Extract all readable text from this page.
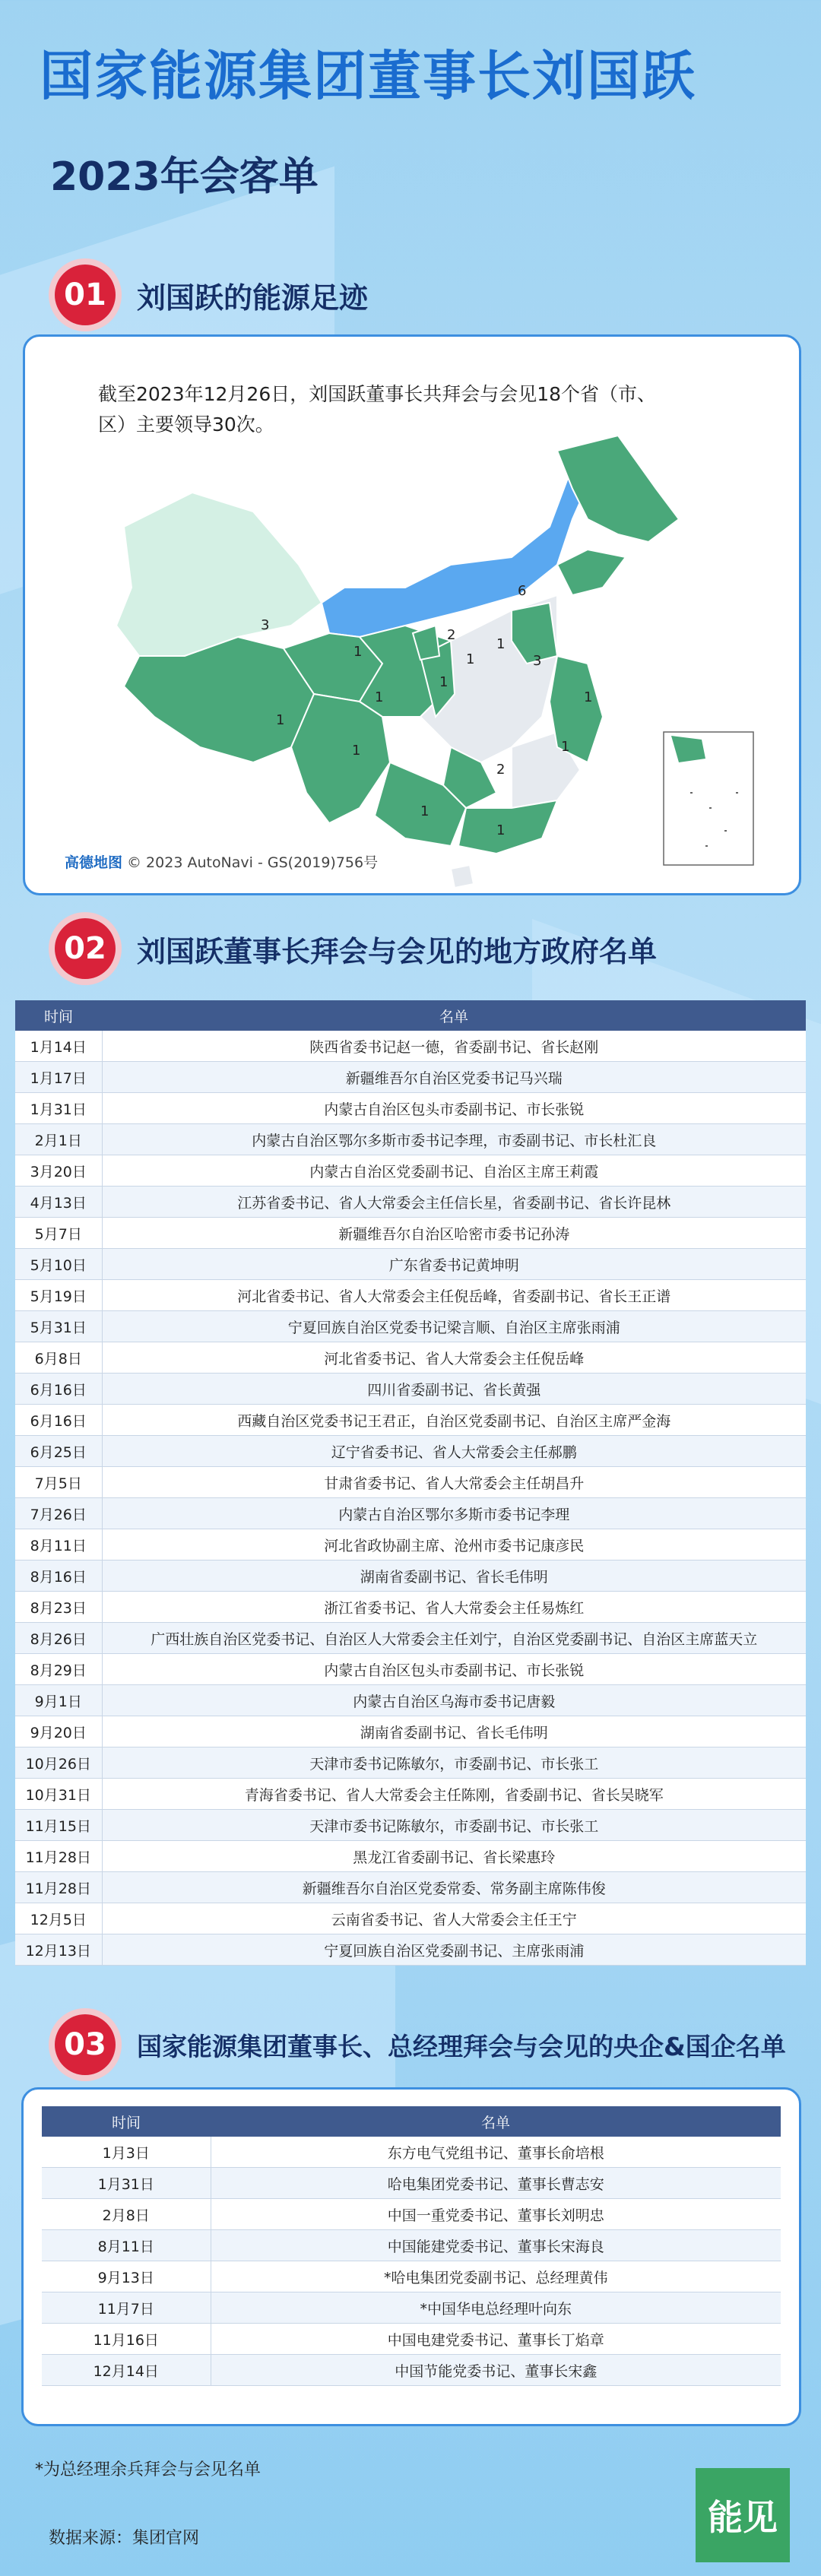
国家能源集团董事长刘国跃
2023年会客单
01	刘国跃的能源足迹
截至2023年12月26日，刘国跃董事长共拜会与会见18个省（市、区）主要领导30次。
3
6
1	1
2
3
1
1
1
1
1	1
2
1
1
1
高德地图 © 2023 AutoNavi - GS(2019)756号
02	刘国跃董事长拜会与会见的地方政府名单
时间	名单
1月14日	陕西省委书记赵一德，省委副书记、省长赵刚
1月17日	新疆维吾尔自治区党委书记马兴瑞
1月31日	内蒙古自治区包头市委副书记、市长张锐
2月1日	内蒙古自治区鄂尔多斯市委书记李理，市委副书记、市长杜汇良
3月20日	内蒙古自治区党委副书记、自治区主席王莉霞
4月13日	江苏省委书记、省人大常委会主任信长星，省委副书记、省长许昆林
5月7日	新疆维吾尔自治区哈密市委书记孙涛
5月10日	广东省委书记黄坤明
5月19日	河北省委书记、省人大常委会主任倪岳峰，省委副书记、省长王正谱
5月31日	宁夏回族自治区党委书记梁言顺、自治区主席张雨浦
6月8日	河北省委书记、省人大常委会主任倪岳峰
6月16日	四川省委副书记、省长黄强
6月16日	西藏自治区党委书记王君正，自治区党委副书记、自治区主席严金海
6月25日	辽宁省委书记、省人大常委会主任郝鹏
7月5日	甘肃省委书记、省人大常委会主任胡昌升
7月26日	内蒙古自治区鄂尔多斯市委书记李理
8月11日	河北省政协副主席、沧州市委书记康彦民
8月16日	湖南省委副书记、省长毛伟明
8月23日	浙江省委书记、省人大常委会主任易炼红
8月26日	广西壮族自治区党委书记、自治区人大常委会主任刘宁，自治区党委副书记、自治区主席蓝天立
8月29日	内蒙古自治区包头市委副书记、市长张锐
9月1日	内蒙古自治区乌海市委书记唐毅
9月20日	湖南省委副书记、省长毛伟明
10月26日	天津市委书记陈敏尔，市委副书记、市长张工
10月31日	青海省委书记、省人大常委会主任陈刚，省委副书记、省长吴晓军
11月15日	天津市委书记陈敏尔，市委副书记、市长张工
11月28日	黑龙江省委副书记、省长梁惠玲
11月28日	新疆维吾尔自治区党委常委、常务副主席陈伟俊
12月5日	云南省委书记、省人大常委会主任王宁
12月13日	宁夏回族自治区党委副书记、主席张雨浦
03	国家能源集团董事长、总经理拜会与会见的央企&国企名单
时间	名单
1月3日	东方电气党组书记、董事长俞培根
1月31日	哈电集团党委书记、董事长曹志安
2月8日	中国一重党委书记、董事长刘明忠
8月11日	中国能建党委书记、董事长宋海良
9月13日	*哈电集团党委副书记、总经理黄伟
11月7日	*中国华电总经理叶向东
11月16日	中国电建党委书记、董事长丁焰章
12月14日	中国节能党委书记、董事长宋鑫
*为总经理余兵拜会与会见名单
数据来源：集团官网
能见
